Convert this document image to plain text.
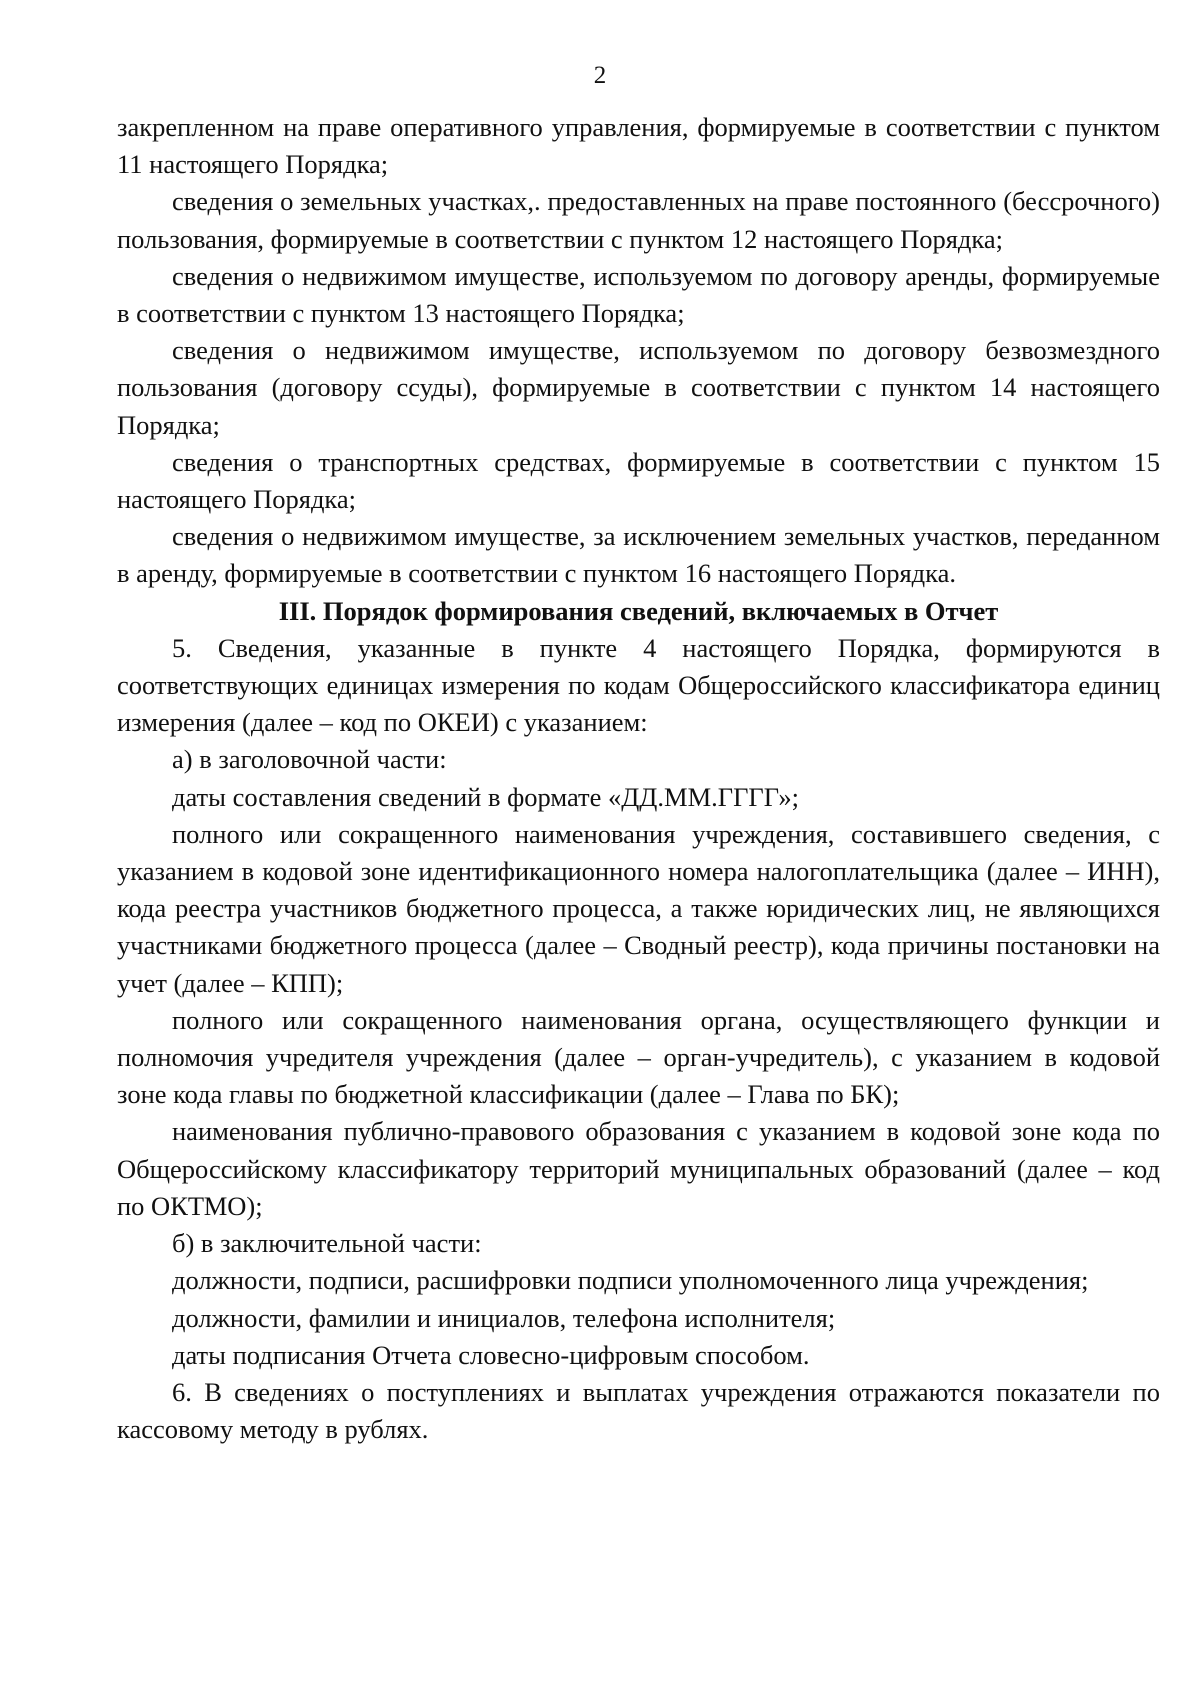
2

закрепленном на праве оперативного управления, формируемые в соответствии с пунктом 11 настоящего Порядка;

сведения о земельных участках,. предоставленных на праве постоянного (бессрочного) пользования, формируемые в соответствии с пунктом 12 настоящего Порядка;

сведения о недвижимом имуществе, используемом по договору аренды, формируемые в соответствии с пунктом 13 настоящего Порядка;

сведения о недвижимом имуществе, используемом по договору безвозмездного пользования (договору ссуды), формируемые в соответствии с пунктом 14 настоящего Порядка;

сведения о транспортных средствах, формируемые в соответствии с пунктом 15 настоящего Порядка;

сведения о недвижимом имуществе, за исключением земельных участков, переданном в аренду, формируемые в соответствии с пунктом 16 настоящего Порядка.

III. Порядок формирования сведений, включаемых в Отчет

5. Сведения, указанные в пункте 4 настоящего Порядка, формируются в соответствующих единицах измерения по кодам Общероссийского классификатора единиц измерения (далее – код по ОКЕИ) с указанием:

а) в заголовочной части:

даты составления сведений в формате «ДД.ММ.ГГГГ»;

полного или сокращенного наименования учреждения, составившего сведения, с указанием в кодовой зоне идентификационного номера налогоплательщика (далее – ИНН), кода реестра участников бюджетного процесса, а также юридических лиц, не являющихся участниками бюджетного процесса (далее – Сводный реестр), кода причины постановки на учет (далее – КПП);

полного или сокращенного наименования органа, осуществляющего функции и полномочия учредителя учреждения (далее – орган-учредитель), с указанием в кодовой зоне кода главы по бюджетной классификации (далее – Глава по БК);

наименования публично-правового образования с указанием в кодовой зоне кода по Общероссийскому классификатору территорий муниципальных образований (далее – код по ОКТМО);

б) в заключительной части:

должности, подписи, расшифровки подписи уполномоченного лица учреждения;

должности, фамилии и инициалов, телефона исполнителя;

даты подписания Отчета словесно-цифровым способом.

6. В сведениях о поступлениях и выплатах учреждения отражаются показатели по кассовому методу в рублях.
